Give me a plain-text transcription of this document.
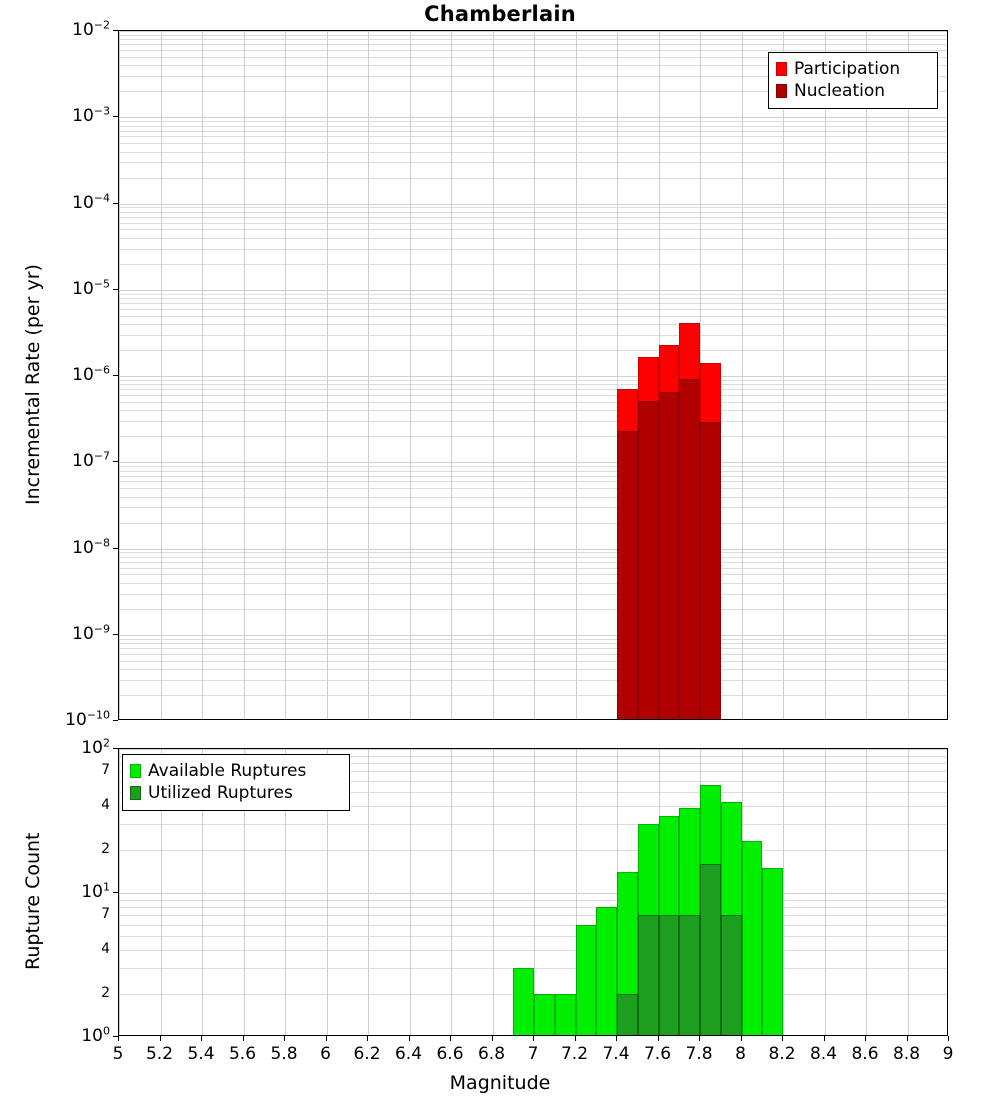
Chamberlain
$10^{-10}$
$10^{-9}$
$10^{-8}$
$10^{-7}$
$10^{-6}$
$10^{-5}$
$10^{-4}$
$10^{-3}$
$10^{-2}$
Incremental Rate (per yr)
Participation
Nucleation
$10^0$
$10^1$
$10^2$
2
4
7
2
4
7
Rupture Count
Available Ruptures
Utilized Ruptures
5 5.2 5.4 5.6 5.8 6 6.2 6.4 6.6 6.8 7 7.2 7.4 7.6 7.8 8 8.2 8.4 8.6 8.8 9
Magnitude
